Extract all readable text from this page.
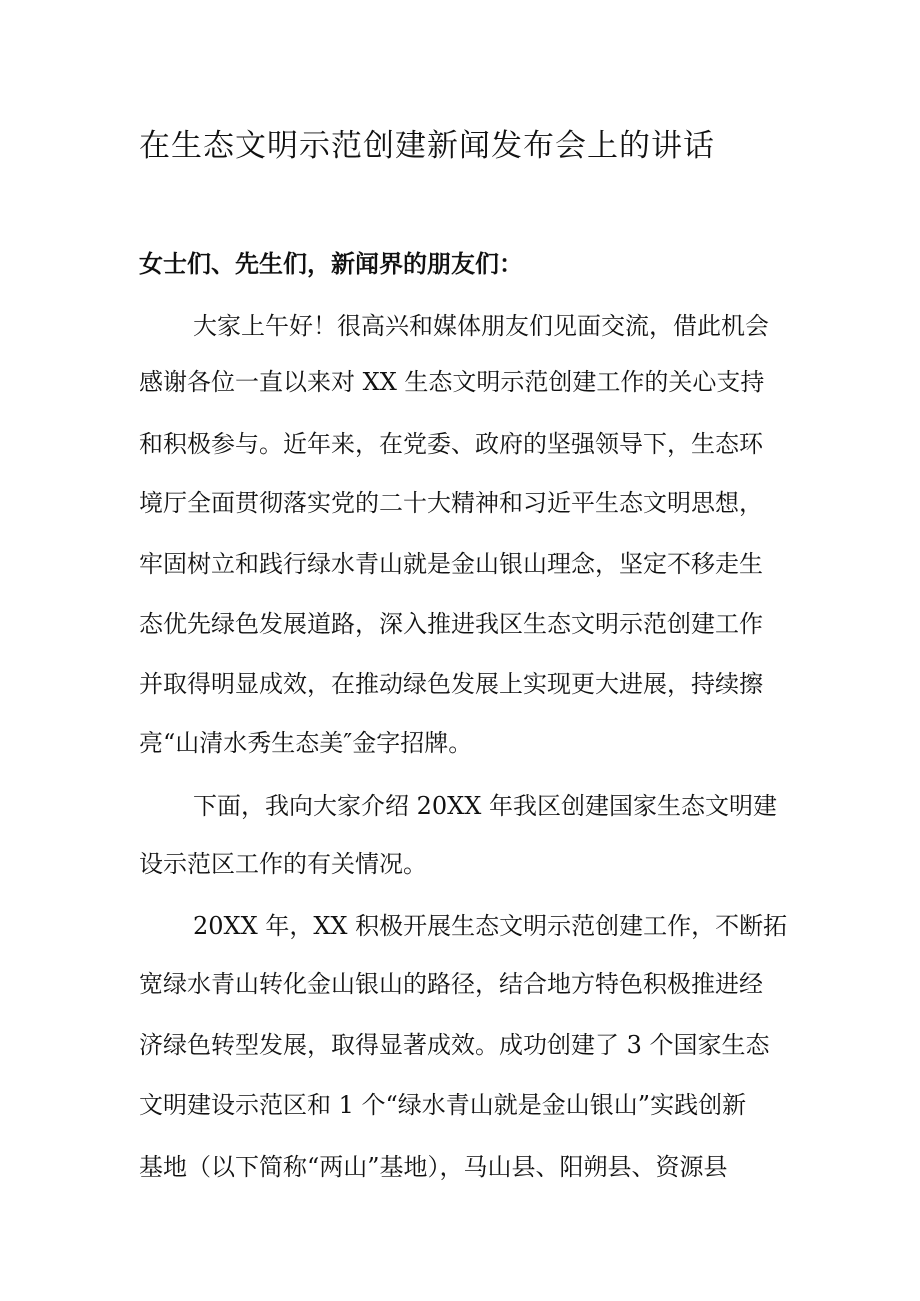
在生态文明示范创建新闻发布会上的讲话

女士们、先生们，新闻界的朋友们：

大家上午好！很高兴和媒体朋友们见面交流，借此机会

感谢各位一直以来对 XX 生态文明示范创建工作的关心支持

和积极参与。近年来，在党委、政府的坚强领导下，生态环

境厅全面贯彻落实党的二十大精神和习近平生态文明思想，

牢固树立和践行绿水青山就是金山银山理念，坚定不移走生

态优先绿色发展道路，深入推进我区生态文明示范创建工作

并取得明显成效，在推动绿色发展上实现更大进展，持续擦

亮“山清水秀生态美″金字招牌。

下面，我向大家介绍 20XX 年我区创建国家生态文明建

设示范区工作的有关情况。

20XX 年，XX 积极开展生态文明示范创建工作，不断拓

宽绿水青山转化金山银山的路径，结合地方特色积极推进经

济绿色转型发展，取得显著成效。成功创建了 3 个国家生态

文明建设示范区和 1 个“绿水青山就是金山银山”实践创新

基地（以下简称“两山”基地），马山县、阳朔县、资源县
